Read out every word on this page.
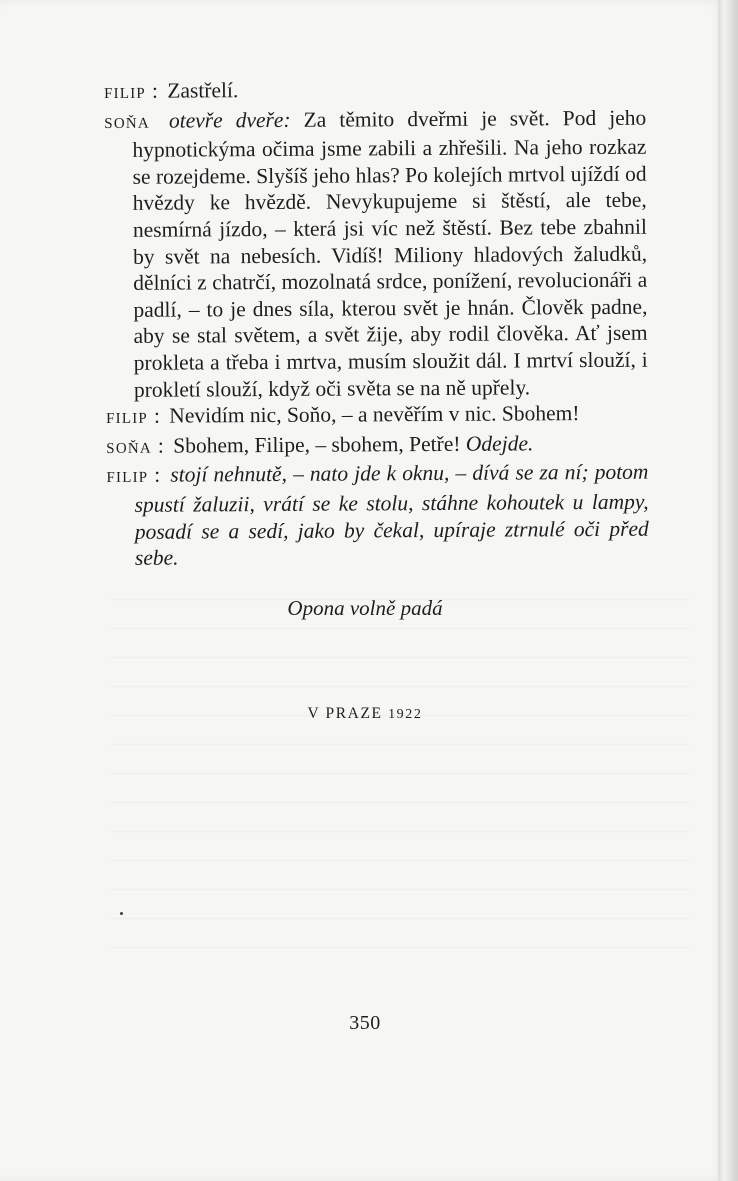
FILIP : Zastřelí.

SOŇA otevře dveře: Za těmito dveřmi je svět. Pod jeho hypnotickýma očima jsme zabili a zhřešili. Na jeho rozkaz se rozejdeme. Slyšíš jeho hlas? Po kolejích mrtvol ujíždí od hvězdy ke hvězdě. Nevykupujeme si štěstí, ale tebe, nesmírná jízdo, – která jsi víc než štěstí. Bez tebe zbahnil by svět na nebesích. Vidíš! Miliony hladových žaludků, dělníci z chatrčí, mozolnatá srdce, ponížení, revolucionáři a padlí, – to je dnes síla, kterou svět je hnán. Člověk padne, aby se stal světem, a svět žije, aby rodil člověka. Ať jsem prokleta a třeba i mrtva, musím sloužit dál. I mrtví slouží, i prokletí slouží, když oči světa se na ně upřely.

FILIP : Nevidím nic, Soňo, – a nevěřím v nic. Sbohem!

SOŇA : Sbohem, Filipe, – sbohem, Petře! Odejde.

FILIP : stojí nehnutě, – nato jde k oknu, – dívá se za ní; potom spustí žaluzii, vrátí se ke stolu, stáhne kohoutek u lampy, posadí se a sedí, jako by čekal, upíraje ztrnulé oči před sebe.

Opona volně padá
V PRAZE 1922
350
